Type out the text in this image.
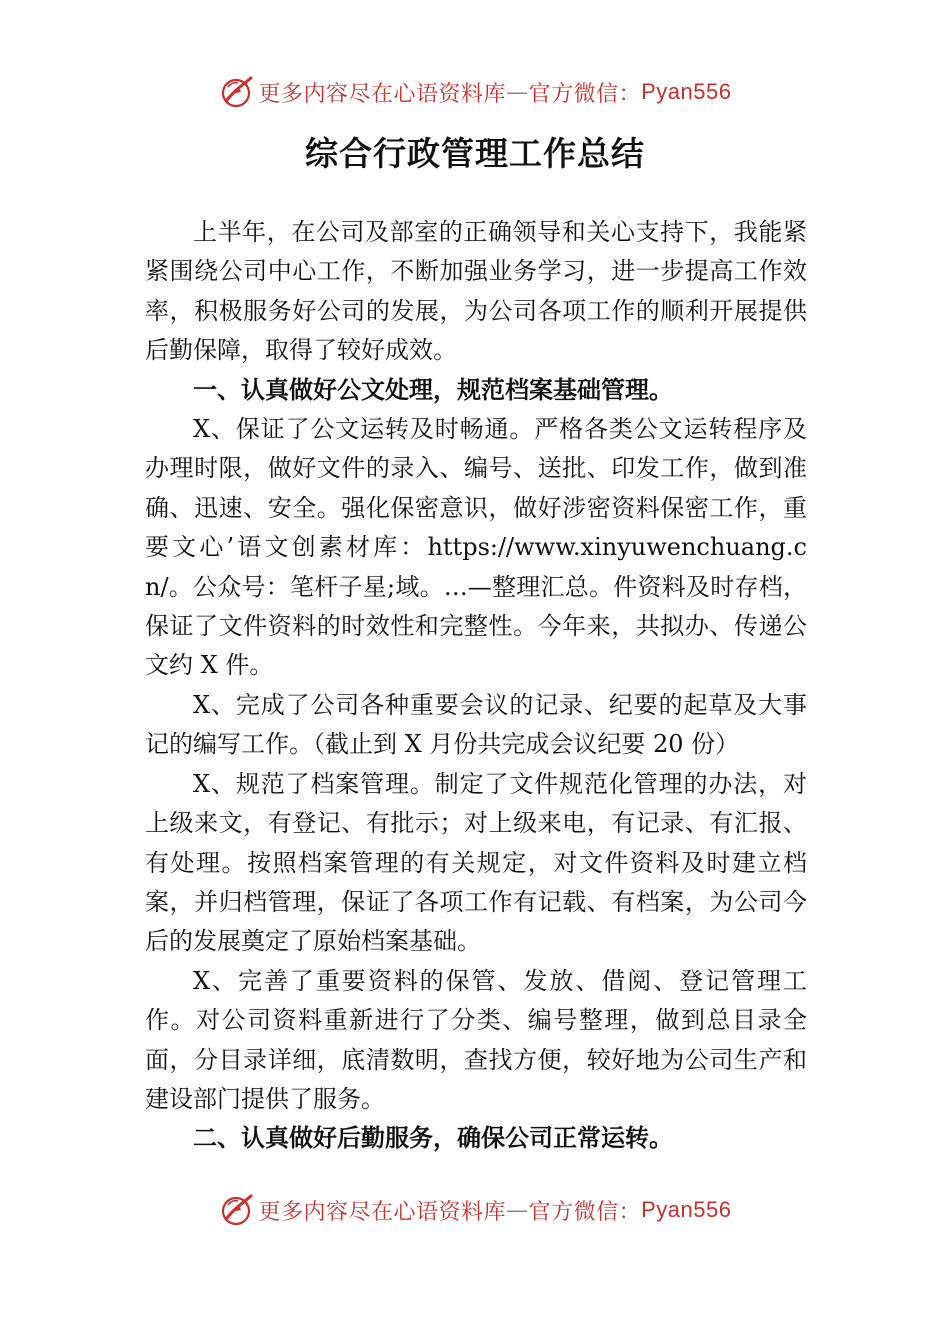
更多内容尽在心语资料库 — 官方微信： Pyan556
综合行政管理工作总结

上半年，在公司及部室的正确领导和关心支持下，我能紧紧围绕公司中心工作，不断加强业务学习，进一步提高工作效率，积极服务好公司的发展，为公司各项工作的顺利开展提供后勤保障，取得了较好成效。

一、认真做好公文处理，规范档案基础管理。

X、保证了公文运转及时畅通。严格各类公文运转程序及办理时限，做好文件的录入、编号、送批、印发工作，做到准确、迅速、安全。强化保密意识，做好涉密资料保密工作，重要文心’语文创素材库：https://www.xinyuwenchuang.cn/。公众号：笔杆子星;域。…—整理汇总。件资料及时存档，保证了文件资料的时效性和完整性。今年来，共拟办、传递公文约 X 件。

X、完成了公司各种重要会议的记录、纪要的起草及大事记的编写工作。（截止到 X 月份共完成会议纪要 20 份）

X、规范了档案管理。制定了文件规范化管理的办法，对上级来文，有登记、有批示；对上级来电，有记录、有汇报、有处理。按照档案管理的有关规定，对文件资料及时建立档案，并归档管理，保证了各项工作有记载、有档案，为公司今后的发展奠定了原始档案基础。

X、完善了重要资料的保管、发放、借阅、登记管理工作。对公司资料重新进行了分类、编号整理，做到总目录全面，分目录详细，底清数明，查找方便，较好地为公司生产和建设部门提供了服务。

二、认真做好后勤服务，确保公司正常运转。

更多内容尽在心语资料库 — 官方微信： Pyan556
